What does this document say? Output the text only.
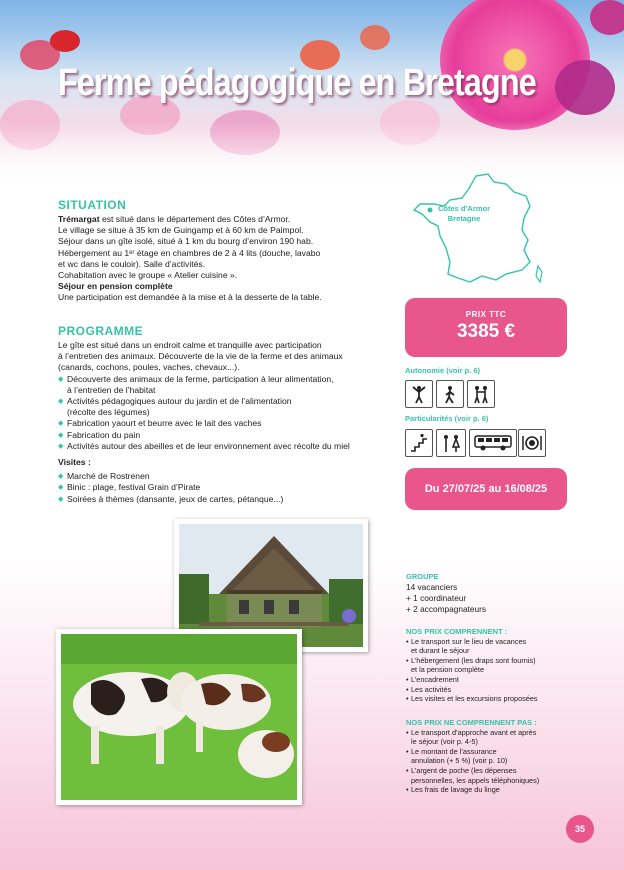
Ferme pédagogique en Bretagne
SITUATION

Trémargat est situé dans le département des Côtes d’Armor.

Le village se situe à 35 km de Guingamp et à 60 km de Paimpol.

Séjour dans un gîte isolé, situé à 1 km du bourg d’environ 190 hab.

Hébergement au 1ᵉʳ étage en chambres de 2 à 4 lits (douche, lavabo

et wc dans le couloir). Salle d’activités.

Cohabitation avec le groupe « Atelier cuisine ».

Séjour en pension complète

Une participation est demandée à la mise et à la desserte de la table.

PROGRAMME

Le gîte est situé dans un endroit calme et tranquille avec participation

à l’entretien des animaux. Découverte de la vie de la ferme et des animaux

(canards, cochons, poules, vaches, chevaux...).

◆ Découverte des animaux de la ferme, participation à leur alimentation,
à l’entretien de l’habitat

◆ Activités pédagogiques autour du jardin et de l’alimentation
(récolte des légumes)

◆ Fabrication yaourt et beurre avec le lait des vaches

◆ Fabrication du pain

◆ Activités autour des abeilles et de leur environnement avec récolte du miel

Visites :

◆ Marché de Rostrenen

◆ Binic : plage, festival Grain d’Pirate

◆ Soirées à thèmes (dansante, jeux de cartes, pétanque...)

Côtes d’Armor
Bretagne
PRIX TTC
3385 €
Autonomie (voir p. 6)
Particularités (voir p. 6)
Du 27/07/25 au 16/08/25

GROUPE

14 vacanciers

+ 1 coordinateur

+ 2 accompagnateurs

NOS PRIX COMPRENNENT :

• Le transport sur le lieu de vacances
et durant le séjour

• L’hébergement (les draps sont fournis)
et la pension complète

• L’encadrement

• Les activités

• Les visites et les excursions proposées

NOS PRIX NE COMPRENNENT PAS :

• Le transport d’approche avant et après
le séjour (voir p. 4-5)

• Le montant de l’assurance
annulation (+ 5 %) (voir p. 10)

• L’argent de poche (les dépenses
personnelles, les appels téléphoniques)

• Les frais de lavage du linge

35
